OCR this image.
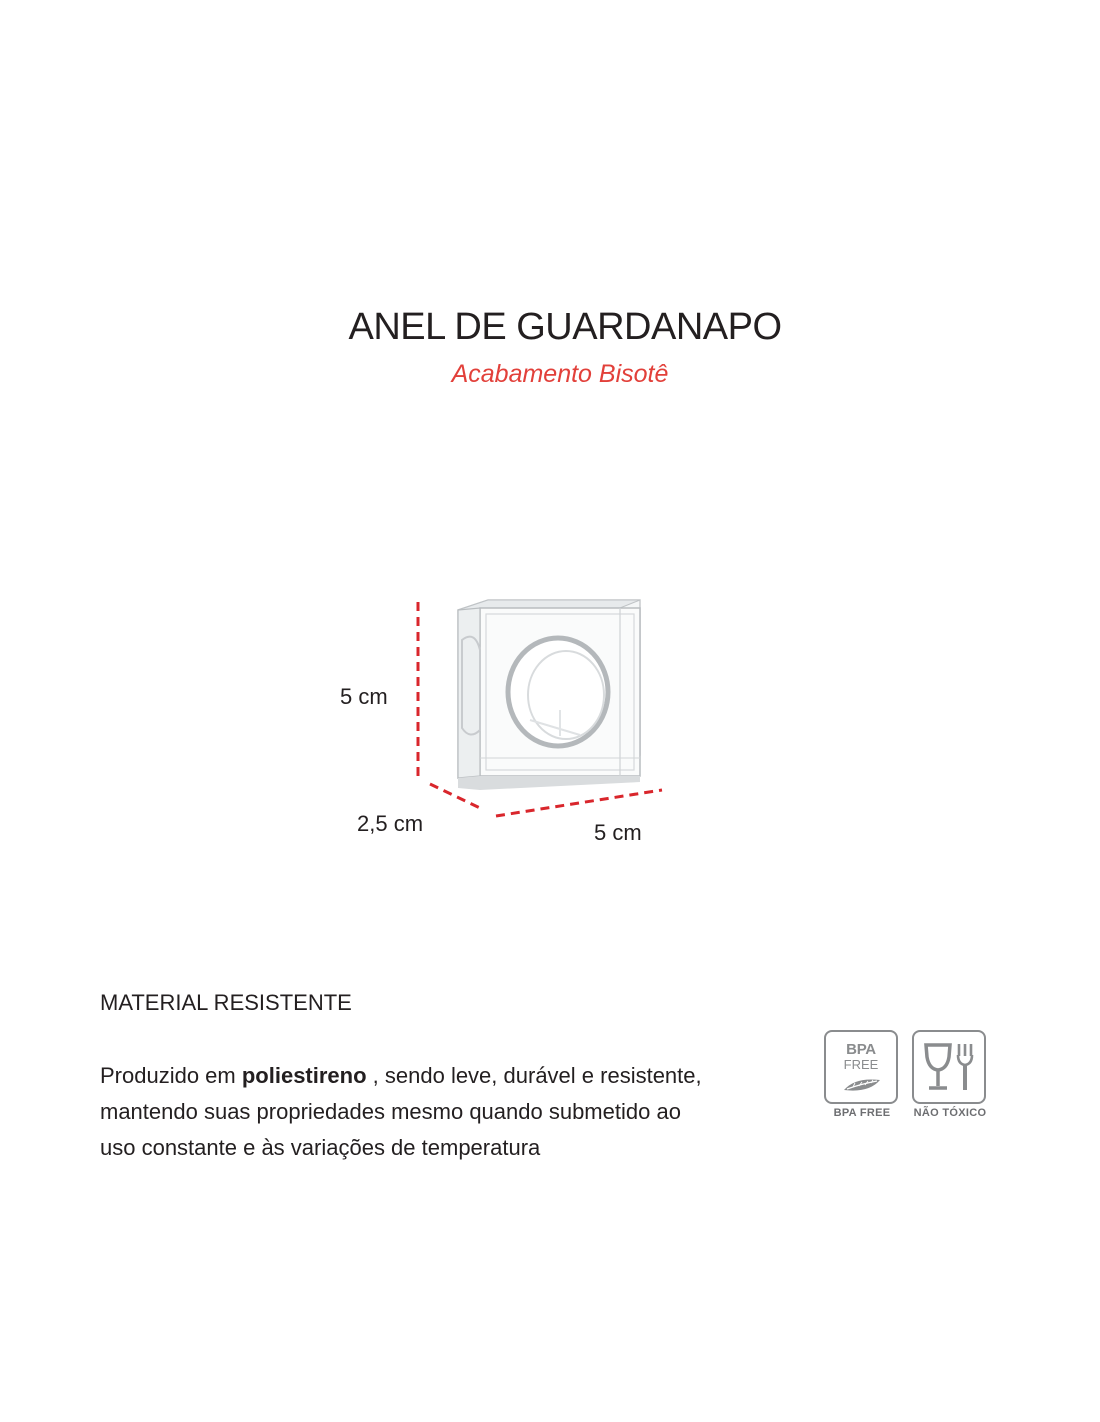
ANEL DE GUARDANAPO
Acabamento Bisotê
5 cm
2,5 cm	5 cm
MATERIAL RESISTENTE
Produzido em poliestireno , sendo leve, durável e resistente,
mantendo suas propriedades mesmo quando submetido ao
uso constante e às variações de temperatura
BPA
FREE
BPA FREE	NÃO TÓXICO
